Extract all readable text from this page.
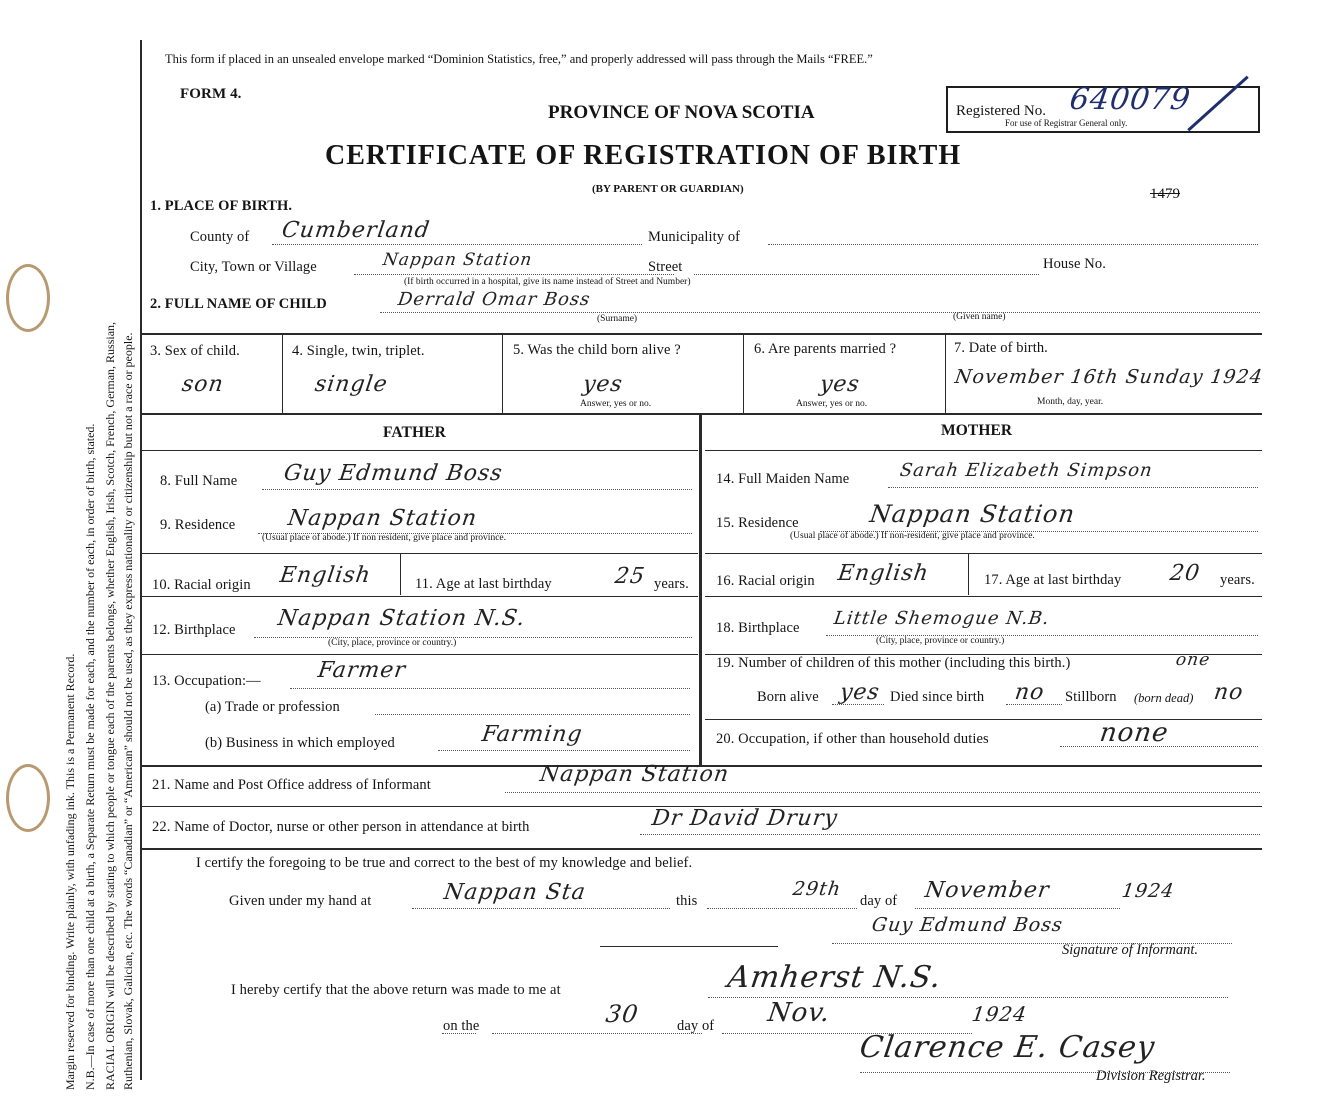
Margin reserved for binding. Write plainly, with unfading ink. This is a Permanent Record. N.B.—In case of more than one child at a birth, a Separate Return must be made for each, and the number of each, in order of birth, stated. RACIAL ORIGIN will be described by stating to which people or tongue each of the parents belongs, whether English, Irish, Scotch, French, German, Russian, Ruthenian, Slovak, Galician, etc. The words “Canadian” or “American” should not be used, as they express nationality or citizenship but not a race or people.
This form if placed in an unsealed envelope marked “Dominion Statistics, free,” and properly addressed will pass through the Mails “FREE.”
FORM 4.
PROVINCE OF NOVA SCOTIA
CERTIFICATE OF REGISTRATION OF BIRTH
(BY PARENT OR GUARDIAN)
Registered No. 640079
For use of Registrar General only.
1479
1. PLACE OF BIRTH.
County of Cumberland	Municipality of
City, Town or Village	Nappan Station	Street	House No.
(If birth occurred in a hospital, give its name instead of Street and Number)
2. FULL NAME OF CHILD	Derrald Omar Boss
(Surname)	(Given name)
3. Sex of child.
son
4. Single, twin, triplet.
single
5. Was the child born alive ?
yes
Answer, yes or no.
6. Are parents married ?
yes
Answer, yes or no.
7. Date of birth.
November 16th Sunday 1924
Month, day, year.
FATHER	MOTHER
8. Full Name Guy Edmund Boss	14. Full Maiden Name	Sarah Elizabeth Simpson
9. Residence Nappan Station
(Usual place of abode.) If non resident, give place and province.
15. Residence	Nappan Station
(Usual place of abode.) If non-resident, give place and province.
10. Racial origin English	11. Age at last birthday	25 years. 16. Racial origin English	17. Age at last birthday 20 years.
12. Birthplace Nappan Station N.S.
(City, place, province or country.)
18. Birthplace Little Shemogue N.B.
(City, place, province or country.)
13. Occupation:—	Farmer
(a) Trade or profession
(b) Business in which employed	Farming
19. Number of children of this mother (including this birth.)	one
Born alive yes Died since birth no Stillborn (born dead) no
20. Occupation, if other than household duties	none
21. Name and Post Office address of Informant	Nappan Station
22. Name of Doctor, nurse or other person in attendance at birth	Dr David Drury
I certify the foregoing to be true and correct to the best of my knowledge and belief.
Given under my hand at	Nappan Sta	this
29th
day of November	1924
Guy Edmund Boss
Signature of Informant.
I hereby certify that the above return was made to me at	Amherst N.S.
on the	30	day of Nov.	1924
Clarence E. Casey
Division Registrar.
